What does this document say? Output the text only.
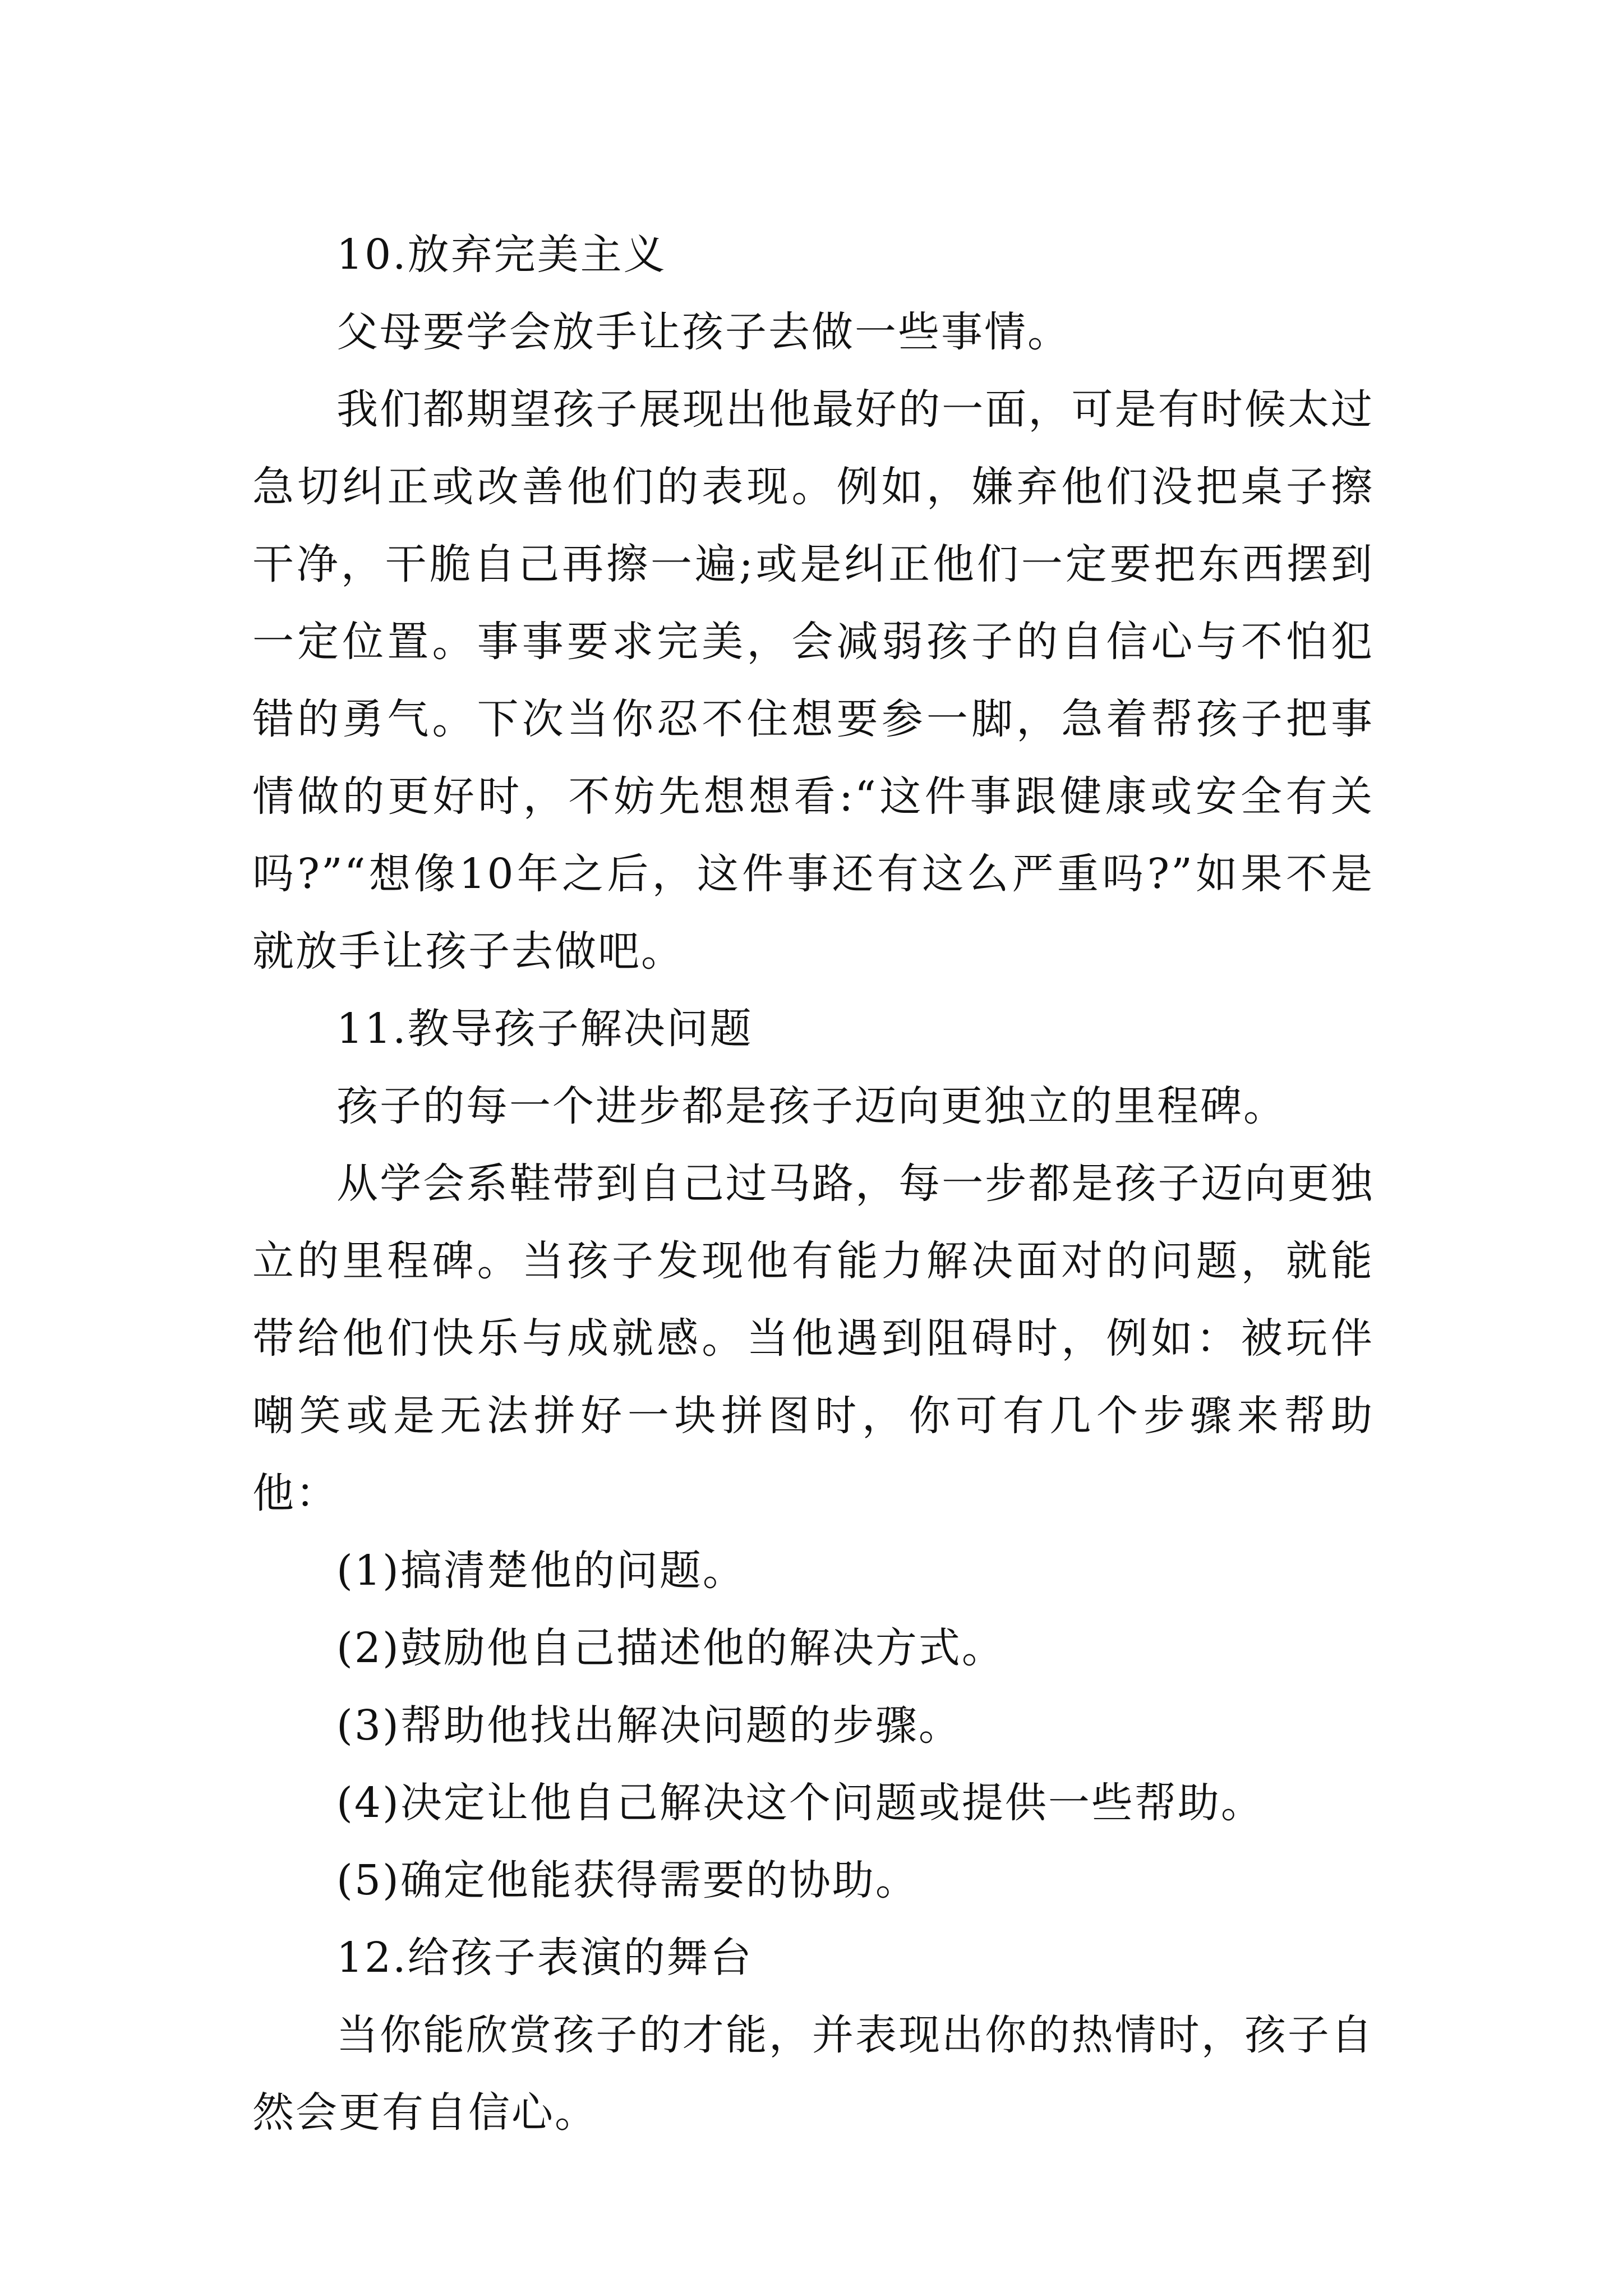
10.放弃完美主义

父母要学会放手让孩子去做一些事情。

我们都期望孩子展现出他最好的一面，可是有时候太过急切纠正或改善他们的表现。例如，嫌弃他们没把桌子擦干净，干脆自己再擦一遍;或是纠正他们一定要把东西摆到一定位置。事事要求完美，会减弱孩子的自信心与不怕犯错的勇气。下次当你忍不住想要参一脚，急着帮孩子把事情做的更好时，不妨先想想看:“这件事跟健康或安全有关吗?”“想像10年之后，这件事还有这么严重吗?”如果不是就放手让孩子去做吧。

11.教导孩子解决问题

孩子的每一个进步都是孩子迈向更独立的里程碑。

从学会系鞋带到自己过马路，每一步都是孩子迈向更独立的里程碑。当孩子发现他有能力解决面对的问题，就能带给他们快乐与成就感。当他遇到阻碍时，例如：被玩伴嘲笑或是无法拼好一块拼图时，你可有几个步骤来帮助他：

(1)搞清楚他的问题。

(2)鼓励他自己描述他的解决方式。

(3)帮助他找出解决问题的步骤。

(4)决定让他自己解决这个问题或提供一些帮助。

(5)确定他能获得需要的协助。

12.给孩子表演的舞台

当你能欣赏孩子的才能，并表现出你的热情时，孩子自然会更有自信心。
